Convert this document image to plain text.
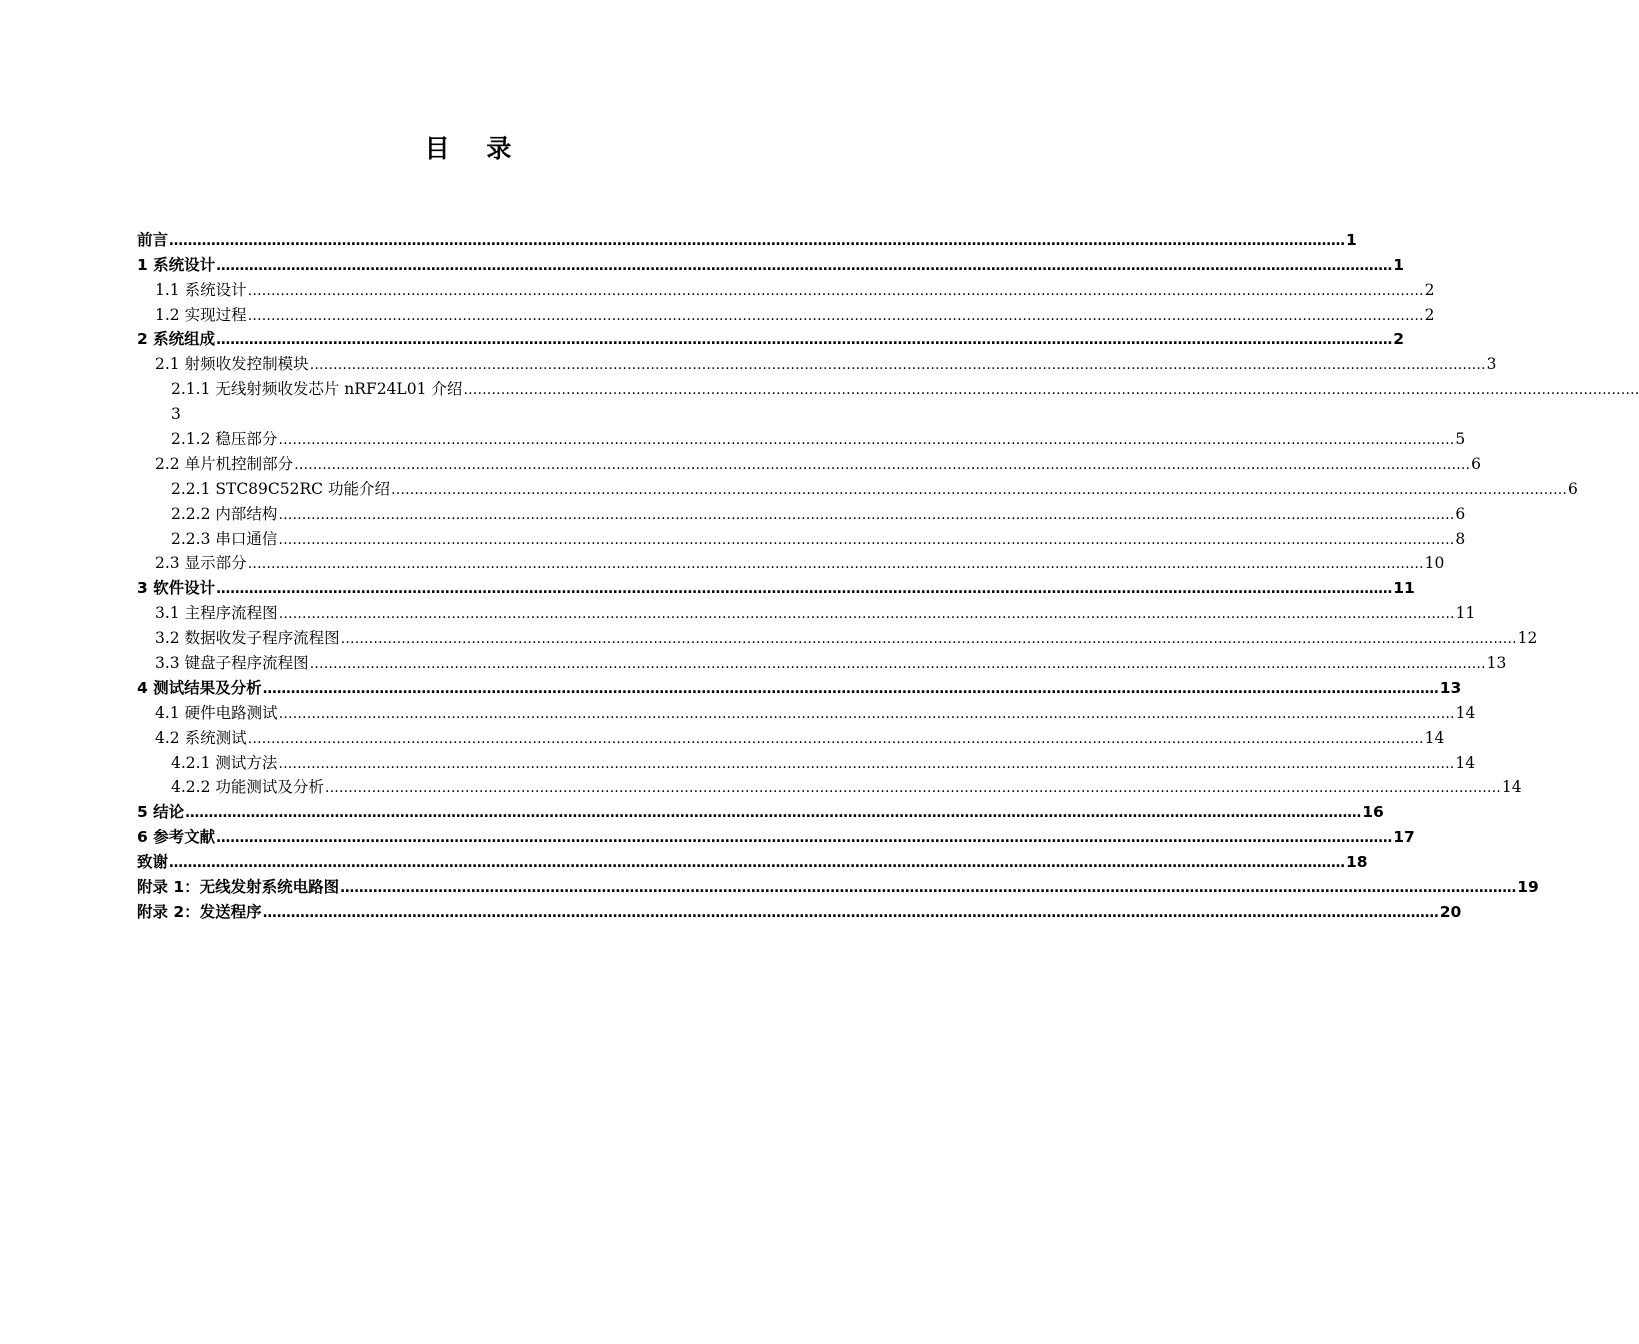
目 录
前言 ……………………………………………………………………………………………………………………………………………………………………………………………………………………………… 1
1 系统设计 ……………………………………………………………………………………………………………………………………………………………………………………………………………………………… 1
1.1 系统设计 ……………………………………………………………………………………………………………………………………………………………………………………………………………………………… 2
1.2 实现过程 ……………………………………………………………………………………………………………………………………………………………………………………………………………………………… 2
2 系统组成 ……………………………………………………………………………………………………………………………………………………………………………………………………………………………… 2
2.1 射频收发控制模块 ……………………………………………………………………………………………………………………………………………………………………………………………………………………………… 3
2.1.1 无线射频收发芯片 nRF24L01 介绍 ………………………………………………………………………………………………………………………………………………………………………………………………………………………………
3
2.1.2 稳压部分 ……………………………………………………………………………………………………………………………………………………………………………………………………………………………… 5
2.2 单片机控制部分 ……………………………………………………………………………………………………………………………………………………………………………………………………………………………… 6
2.2.1 STC89C52RC 功能介绍 ……………………………………………………………………………………………………………………………………………………………………………………………………………………………… 6
2.2.2 内部结构 ……………………………………………………………………………………………………………………………………………………………………………………………………………………………… 6
2.2.3 串口通信 ……………………………………………………………………………………………………………………………………………………………………………………………………………………………… 8
2.3 显示部分 ……………………………………………………………………………………………………………………………………………………………………………………………………………………………… 10
3 软件设计 ……………………………………………………………………………………………………………………………………………………………………………………………………………………………… 11
3.1 主程序流程图 ……………………………………………………………………………………………………………………………………………………………………………………………………………………………… 11
3.2 数据收发子程序流程图 ……………………………………………………………………………………………………………………………………………………………………………………………………………………………… 12
3.3 键盘子程序流程图 ……………………………………………………………………………………………………………………………………………………………………………………………………………………………… 13
4 测试结果及分析 ……………………………………………………………………………………………………………………………………………………………………………………………………………………………… 13
4.1 硬件电路测试 ……………………………………………………………………………………………………………………………………………………………………………………………………………………………… 14
4.2 系统测试 ……………………………………………………………………………………………………………………………………………………………………………………………………………………………… 14
4.2.1 测试方法 ……………………………………………………………………………………………………………………………………………………………………………………………………………………………… 14
4.2.2 功能测试及分析 ……………………………………………………………………………………………………………………………………………………………………………………………………………………………… 14
5 结论 ……………………………………………………………………………………………………………………………………………………………………………………………………………………………… 16
6 参考文献 ……………………………………………………………………………………………………………………………………………………………………………………………………………………………… 17
致谢 ……………………………………………………………………………………………………………………………………………………………………………………………………………………………… 18
附录 1：无线发射系统电路图 ……………………………………………………………………………………………………………………………………………………………………………………………………………………………… 19
附录 2：发送程序 ……………………………………………………………………………………………………………………………………………………………………………………………………………………………… 20
